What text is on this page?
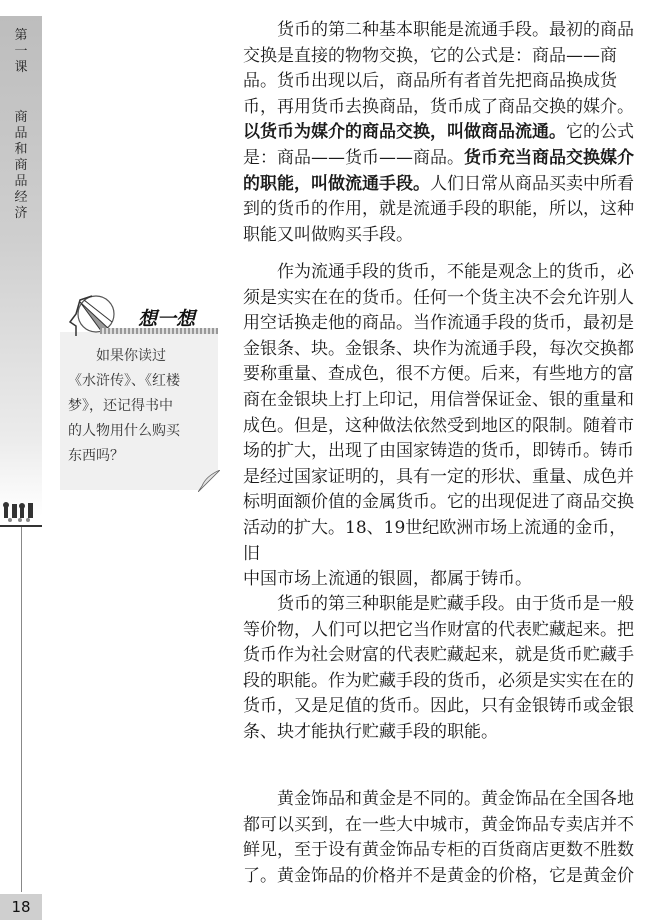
第
一
课
商
品
和
商
品
经
济
18
想一想
　　如果你读过
《水浒传》、《红楼
梦》，还记得书中
的人物用什么购买
东西吗？
　　货币的第二种基本职能是流通手段。最初的商品
交换是直接的物物交换，它的公式是：商品——商
品。货币出现以后，商品所有者首先把商品换成货
币，再用货币去换商品，货币成了商品交换的媒介。
以货币为媒介的商品交换，叫做商品流通。它的公式
是：商品——货币——商品。货币充当商品交换媒介
的职能，叫做流通手段。人们日常从商品买卖中所看
到的货币的作用，就是流通手段的职能，所以，这种
职能又叫做购买手段。
　　作为流通手段的货币，不能是观念上的货币，必
须是实实在在的货币。任何一个货主决不会允许别人
用空话换走他的商品。当作流通手段的货币，最初是
金银条、块。金银条、块作为流通手段，每次交换都
要称重量、查成色，很不方便。后来，有些地方的富
商在金银块上打上印记，用信誉保证金、银的重量和
成色。但是，这种做法依然受到地区的限制。随着市
场的扩大，出现了由国家铸造的货币，即铸币。铸币
是经过国家证明的，具有一定的形状、重量、成色并
标明面额价值的金属货币。它的出现促进了商品交换
活动的扩大。18、19世纪欧洲市场上流通的金币，旧
中国市场上流通的银圆，都属于铸币。
　　货币的第三种职能是贮藏手段。由于货币是一般
等价物，人们可以把它当作财富的代表贮藏起来。把
货币作为社会财富的代表贮藏起来，就是货币贮藏手
段的职能。作为贮藏手段的货币，必须是实实在在的
货币，又是足值的货币。因此，只有金银铸币或金银
条、块才能执行贮藏手段的职能。
　　黄金饰品和黄金是不同的。黄金饰品在全国各地
都可以买到，在一些大中城市，黄金饰品专卖店并不
鲜见，至于设有黄金饰品专柜的百货商店更数不胜数
了。黄金饰品的价格并不是黄金的价格，它是黄金价
